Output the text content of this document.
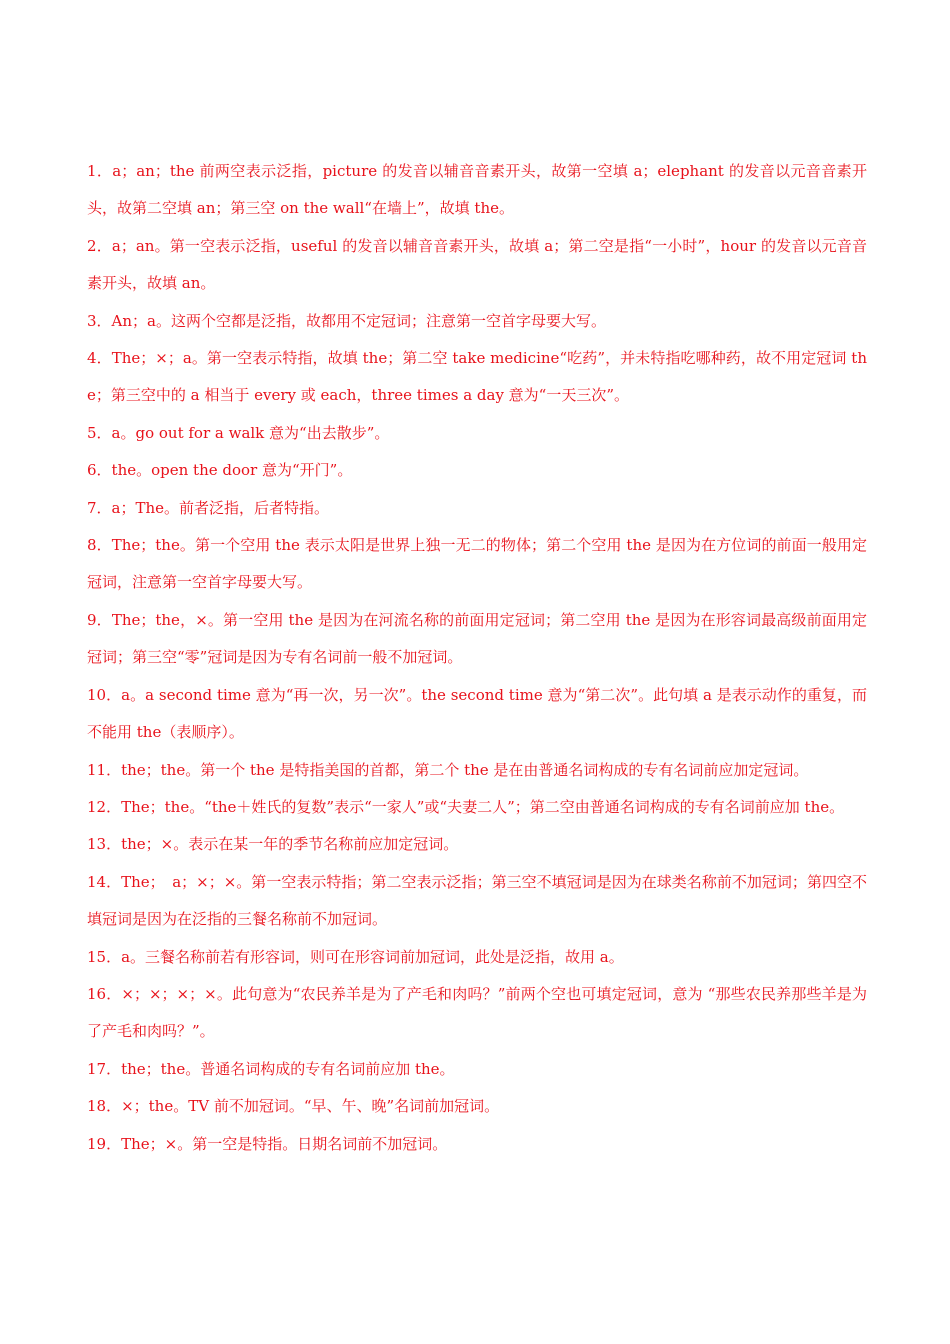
1．a；an；the 前两空表示泛指，picture 的发音以辅音音素开头，故第一空填 a；elephant 的发音以元音音素开头，故第二空填 an；第三空 on the wall“在墙上”，故填 the。
2．a；an。第一空表示泛指，useful 的发音以辅音音素开头，故填 a；第二空是指“一小时”，hour 的发音以元音音素开头，故填 an。
3．An；a。这两个空都是泛指，故都用不定冠词；注意第一空首字母要大写。
4．The；×；a。第一空表示特指，故填 the；第二空 take medicine“吃药”，并未特指吃哪种药，故不用定冠词 the；第三空中的 a 相当于 every 或 each，three times a day 意为“一天三次”。
5．a。go out for a walk 意为“出去散步”。
6．the。open the door 意为“开门”。
7．a；The。前者泛指，后者特指。
8．The；the。第一个空用 the 表示太阳是世界上独一无二的物体；第二个空用 the 是因为在方位词的前面一般用定冠词，注意第一空首字母要大写。
9．The；the，×。第一空用 the 是因为在河流名称的前面用定冠词；第二空用 the 是因为在形容词最高级前面用定冠词；第三空“零”冠词是因为专有名词前一般不加冠词。
10．a。a second time 意为“再一次，另一次”。the second time 意为“第二次”。此句填 a 是表示动作的重复，而不能用 the（表顺序）。
11．the；the。第一个 the 是特指美国的首都，第二个 the 是在由普通名词构成的专有名词前应加定冠词。
12．The；the。“the＋姓氏的复数”表示“一家人”或“夫妻二人”；第二空由普通名词构成的专有名词前应加 the。
13．the；×。表示在某一年的季节名称前应加定冠词。
14．The；　a；×；×。第一空表示特指；第二空表示泛指；第三空不填冠词是因为在球类名称前不加冠词；第四空不填冠词是因为在泛指的三餐名称前不加冠词。
15．a。三餐名称前若有形容词，则可在形容词前加冠词，此处是泛指，故用 a。
16．×；×；×；×。此句意为“农民养羊是为了产毛和肉吗？”前两个空也可填定冠词，意为 “那些农民养那些羊是为了产毛和肉吗？”。
17．the；the。普通名词构成的专有名词前应加 the。
18．×；the。TV 前不加冠词。“早、午、晚”名词前加冠词。
19．The；×。第一空是特指。日期名词前不加冠词。
